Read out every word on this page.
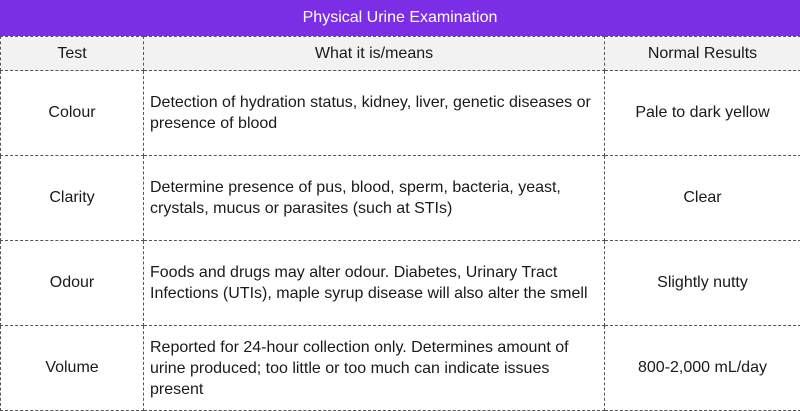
Physical Urine Examination
Test	What it is/means	Normal Results
Colour	Detection of hydration status, kidney, liver, genetic diseases or presence of blood	Pale to dark yellow
Clarity	Determine presence of pus, blood, sperm, bacteria, yeast, crystals, mucus or parasites (such at STIs)	Clear
Odour	Foods and drugs may alter odour. Diabetes, Urinary Tract Infections (UTIs), maple syrup disease will also alter the smell	Slightly nutty
Volume	Reported for 24-hour collection only. Determines amount of urine produced; too little or too much can indicate issues present	800-2,000 mL/day
